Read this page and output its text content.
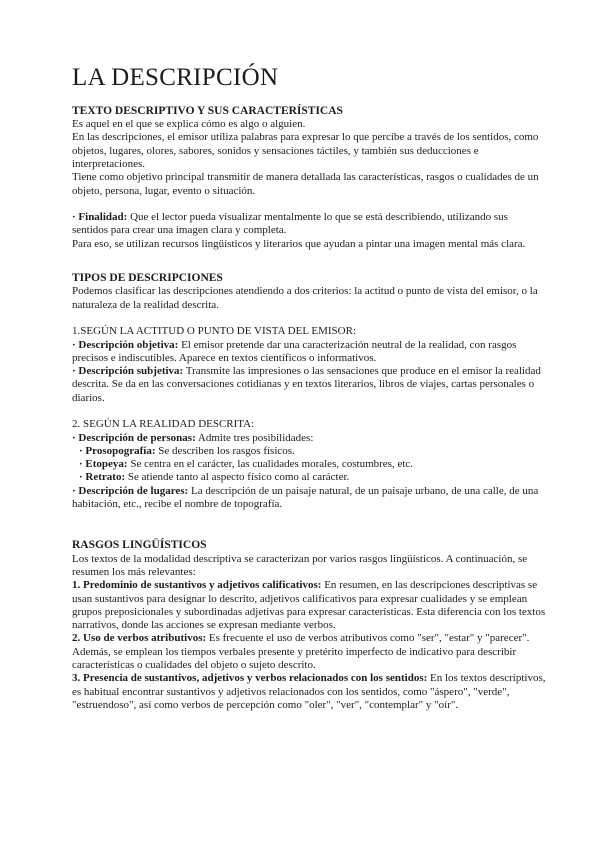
LA DESCRIPCIÓN

TEXTO DESCRIPTIVO Y SUS CARACTERÍSTICAS

Es aquel en el que se explica cómo es algo o alguien.

En las descripciones, el emisor utiliza palabras para expresar lo que percibe a través de los sentidos, como objetos, lugares, olores, sabores, sonidos y sensaciones táctiles, y también sus deducciones e interpretaciones.

Tiene como objetivo principal transmitir de manera detallada las características, rasgos o cualidades de un objeto, persona, lugar, evento o situación.

· Finalidad: Que el lector pueda visualizar mentalmente lo que se está describiendo, utilizando sus sentidos para crear una imagen clara y completa.

Para eso, se utilizan recursos lingüísticos y literarios que ayudan a pintar una imagen mental más clara.

TIPOS DE DESCRIPCIONES

Podemos clasificar las descripciones atendiendo a dos criterios: la actitud o punto de vista del emisor, o la naturaleza de la realidad descrita.

1.SEGÚN LA ACTITUD O PUNTO DE VISTA DEL EMISOR:

· Descripción objetiva: El emisor pretende dar una caracterización neutral de la realidad, con rasgos precisos e indiscutibles. Aparece en textos científicos o informativos.

· Descripción subjetiva: Transmite las impresiones o las sensaciones que produce en el emisor la realidad descrita. Se da en las conversaciones cotidianas y en textos literarios, libros de viajes, cartas personales o diarios.

2. SEGÚN LA REALIDAD DESCRITA:

· Descripción de personas: Admite tres posibilidades:

· Prosopografía: Se describen los rasgos físicos.

· Etopeya: Se centra en el carácter, las cualidades morales, costumbres, etc.

· Retrato: Se atiende tanto al aspecto físico como al carácter.

· Descripción de lugares: La descripción de un paisaje natural, de un paisaje urbano, de una calle, de una habitación, etc., recibe el nombre de topografía.

RASGOS LINGÜÍSTICOS

Los textos de la modalidad descriptiva se caracterizan por varios rasgos lingüísticos. A continuación, se resumen los más relevantes:

1. Predominio de sustantivos y adjetivos calificativos: En resumen, en las descripciones descriptivas se usan sustantivos para designar lo descrito, adjetivos calificativos para expresar cualidades y se emplean grupos preposicionales y subordinadas adjetivas para expresar características. Esta diferencia con los textos narrativos, donde las acciones se expresan mediante verbos.

2. Uso de verbos atributivos: Es frecuente el uso de verbos atributivos como "ser", "estar" y "parecer". Además, se emplean los tiempos verbales presente y pretérito imperfecto de indicativo para describir características o cualidades del objeto o sujeto descrito.

3. Presencia de sustantivos, adjetivos y verbos relacionados con los sentidos: En los textos descriptivos, es habitual encontrar sustantivos y adjetivos relacionados con los sentidos, como "áspero", "verde", "estruendoso", así como verbos de percepción como "oler", "ver", "contemplar" y "oír".
